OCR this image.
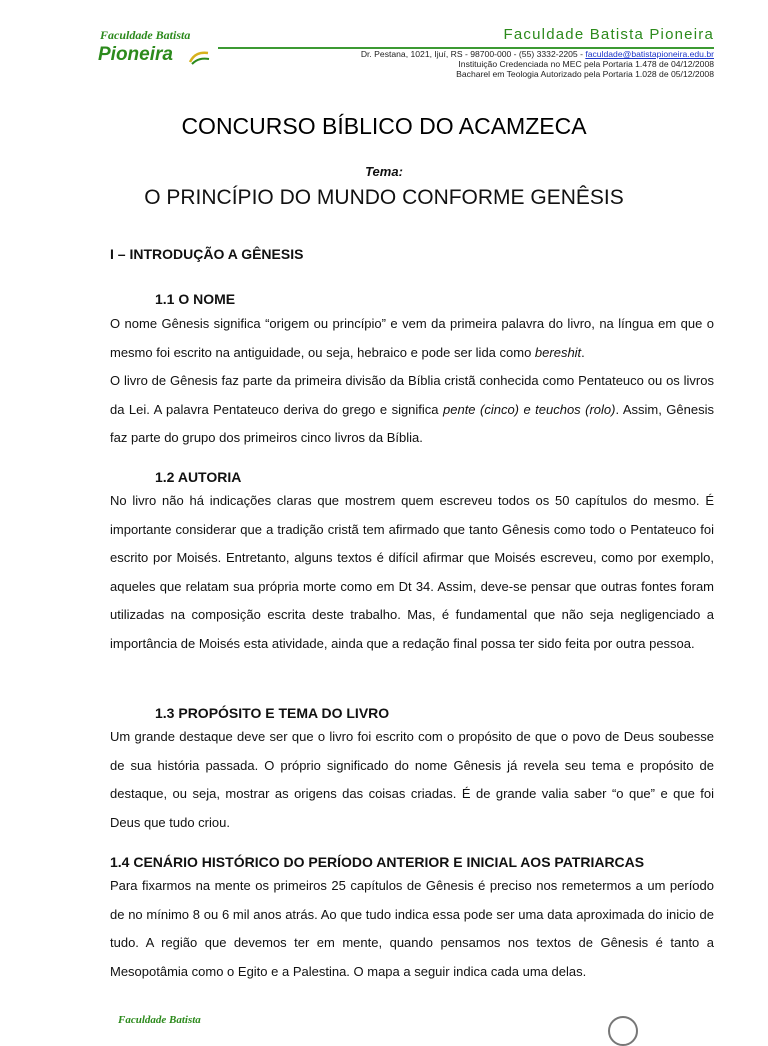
Faculdade Batista
Pioneira
Faculdade Batista Pioneira
Dr. Pestana, 1021, Ijuí, RS - 98700-000 - (55) 3332-2205 - faculdade@batistapioneira.edu.br
Instituição Credenciada no MEC pela Portaria 1.478 de 04/12/2008
Bacharel em Teologia Autorizado pela Portaria 1.028 de 05/12/2008
CONCURSO BÍBLICO DO ACAMZECA
Tema:
O PRINCÍPIO DO MUNDO CONFORME GENÊSIS
I – INTRODUÇÃO A GÊNESIS
1.1 O NOME

O nome Gênesis significa “origem ou princípio” e vem da primeira palavra do livro, na língua em que o mesmo foi escrito na antiguidade, ou seja, hebraico e pode ser lida como bereshit.

O livro de Gênesis faz parte da primeira divisão da Bíblia cristã conhecida como Pentateuco ou os livros da Lei. A palavra Pentateuco deriva do grego e significa pente (cinco) e teuchos (rolo). Assim, Gênesis faz parte do grupo dos primeiros cinco livros da Bíblia.

1.2 AUTORIA

No livro não há indicações claras que mostrem quem escreveu todos os 50 capítulos do mesmo. É importante considerar que a tradição cristã tem afirmado que tanto Gênesis como todo o Pentateuco foi escrito por Moisés. Entretanto, alguns textos é difícil afirmar que Moisés escreveu, como por exemplo, aqueles que relatam sua própria morte como em Dt 34. Assim, deve-se pensar que outras fontes foram utilizadas na composição escrita deste trabalho. Mas, é fundamental que não seja negligenciado a importância de Moisés esta atividade, ainda que a redação final possa ter sido feita por outra pessoa.

1.3 PROPÓSITO E TEMA DO LIVRO

Um grande destaque deve ser que o livro foi escrito com o propósito de que o povo de Deus soubesse de sua história passada. O próprio significado do nome Gênesis já revela seu tema e propósito de destaque, ou seja, mostrar as origens das coisas criadas. É de grande valia saber “o que” e que foi Deus que tudo criou.

1.4 CENÁRIO HISTÓRICO DO PERÍODO ANTERIOR E INICIAL AOS PATRIARCAS

Para fixarmos na mente os primeiros 25 capítulos de Gênesis é preciso nos remetermos a um período de no mínimo 8 ou 6 mil anos atrás. Ao que tudo indica essa pode ser uma data aproximada do inicio de tudo. A região que devemos ter em mente, quando pensamos nos textos de Gênesis é tanto a Mesopotâmia como o Egito e a Palestina. O mapa a seguir indica cada uma delas.

Faculdade Batista
